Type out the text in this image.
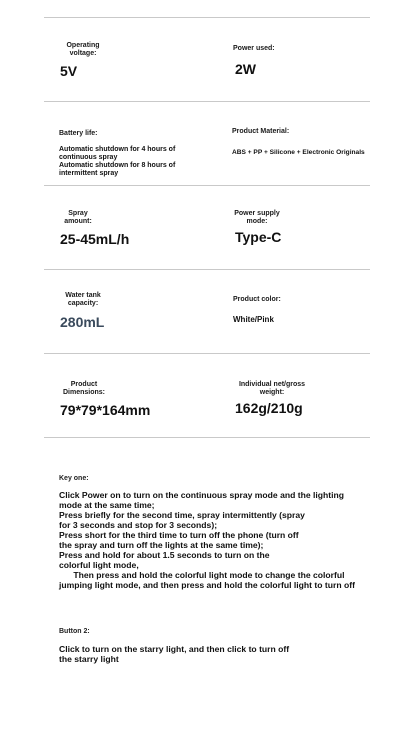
Operating
voltage:
5V
Power used:
2W
Battery life:
Automatic shutdown for 4 hours of
continuous spray
Automatic shutdown for 8 hours of
intermittent spray
Product Material:
ABS + PP + Silicone + Electronic Originals
Spray
amount:
25-45mL/h
Power supply
mode:
Type-C
Water tank
capacity:
280mL
Product color:
White/Pink
Product
Dimensions:
79*79*164mm
Individual net/gross
weight:
162g/210g
Key one:
Click Power on to turn on the continuous spray mode and the lighting
mode at the same time;
Press briefly for the second time, spray intermittently (spray
for 3 seconds and stop for 3 seconds);
Press short for the third time to turn off the phone (turn off
the spray and turn off the lights at the same time);
Press and hold for about 1.5 seconds to turn on the
colorful light mode,
Then press and hold the colorful light mode to change the colorful
jumping light mode, and then press and hold the colorful light to turn off
Button 2:
Click to turn on the starry light, and then click to turn off
the starry light
